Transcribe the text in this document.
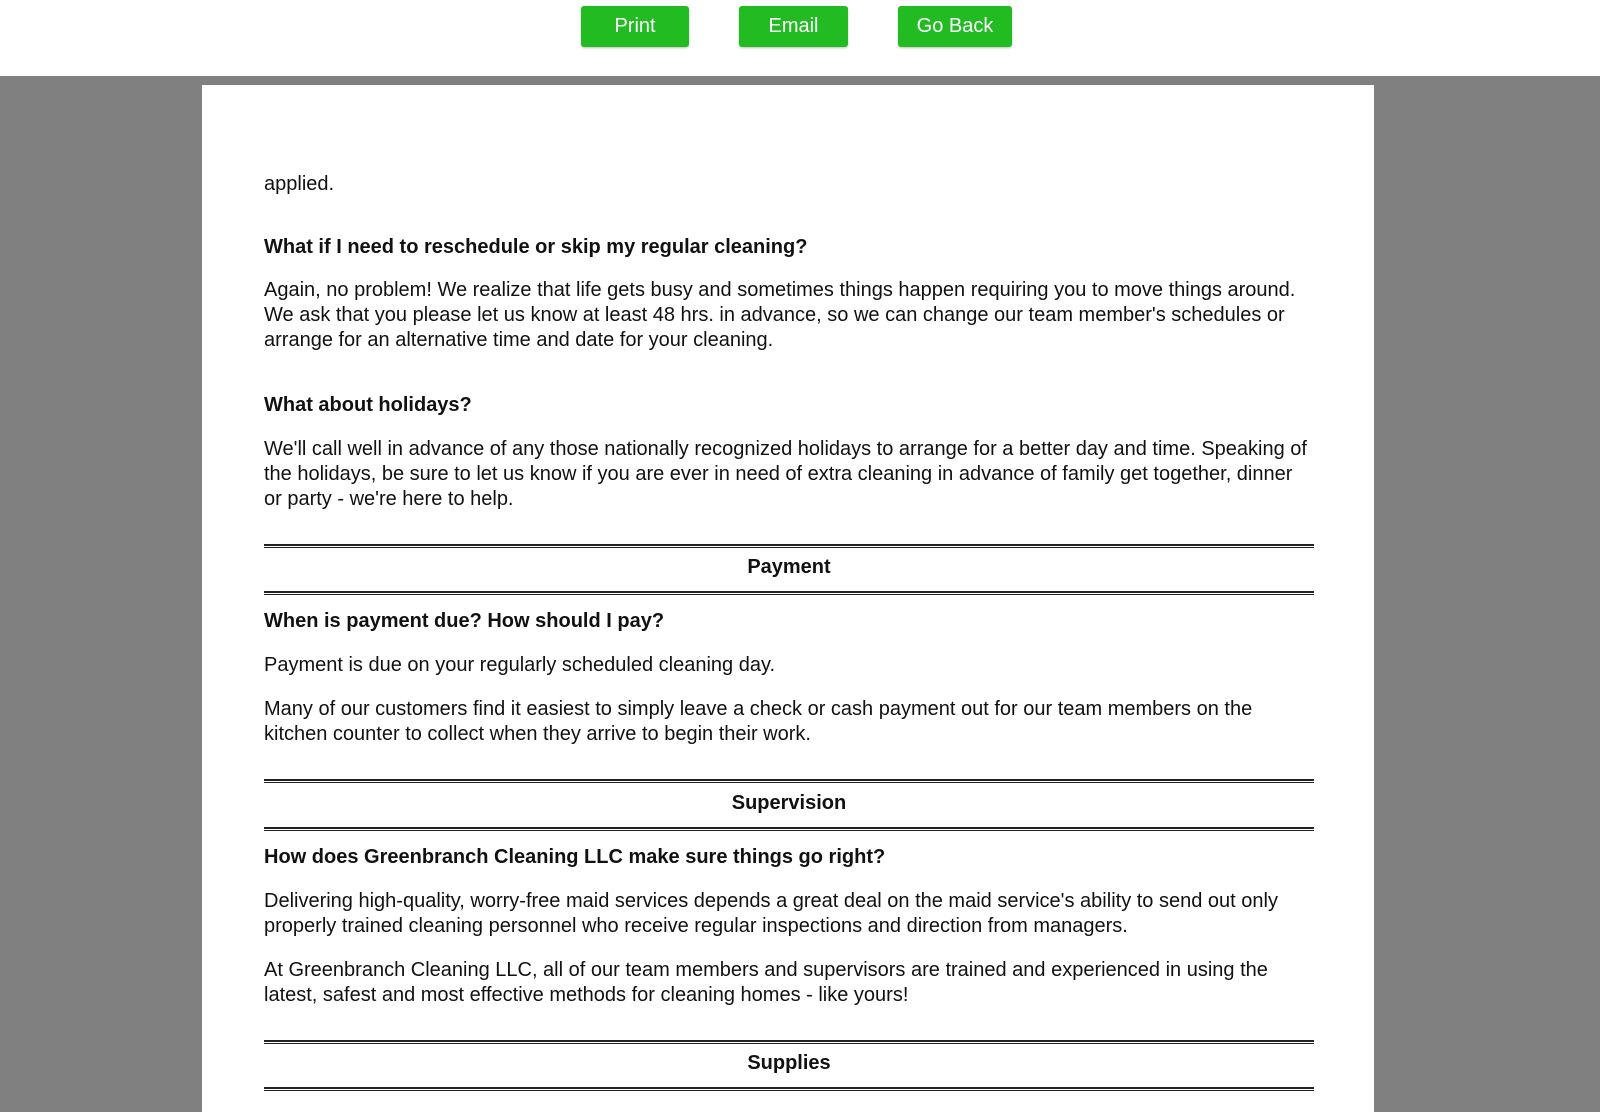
Print	Email	Go Back

applied.

What if I need to reschedule or skip my regular cleaning?

Again, no problem! We realize that life gets busy and sometimes things happen requiring you to move things around. We ask that you please let us know at least 48 hrs. in advance, so we can change our team member's schedules or arrange for an alternative time and date for your cleaning.

What about holidays?

We'll call well in advance of any those nationally recognized holidays to arrange for a better day and time. Speaking of the holidays, be sure to let us know if you are ever in need of extra cleaning in advance of family get together, dinner or party - we're here to help.

Payment

When is payment due? How should I pay?

Payment is due on your regularly scheduled cleaning day.

Many of our customers find it easiest to simply leave a check or cash payment out for our team members on the kitchen counter to collect when they arrive to begin their work.

Supervision

How does Greenbranch Cleaning LLC make sure things go right?

Delivering high-quality, worry-free maid services depends a great deal on the maid service's ability to send out only properly trained cleaning personnel who receive regular inspections and direction from managers.

At Greenbranch Cleaning LLC, all of our team members and supervisors are trained and experienced in using the latest, safest and most effective methods for cleaning homes - like yours!

Supplies
